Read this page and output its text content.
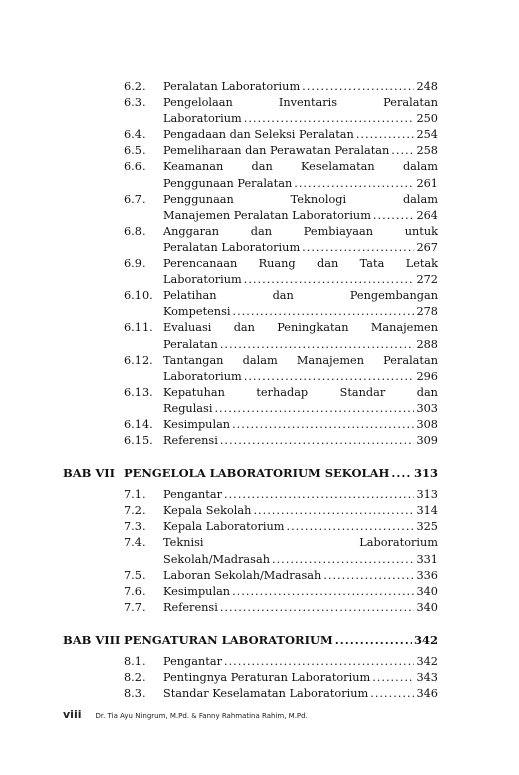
6.2. Peralatan Laboratorium .....	248
6.3. Pengelolaan	Inventaris	Peralatan
Laboratorium .....	250
6.4. Pengadaan dan Seleksi Peralatan .....	254
6.5. Pemeliharaan dan Perawatan Peralatan ..... 258
6.6. Keamanan	dan	Keselamatan	dalam
Penggunaan Peralatan .....	261
6.7. Penggunaan	Teknologi	dalam
Manajemen Peralatan Laboratorium .....	264
6.8. Anggaran	dan	Pembiayaan	untuk
Peralatan Laboratorium .....	267
6.9. Perencanaan Ruang dan Tata Letak
Laboratorium .....	272
6.10. Pelatihan	dan	Pengembangan
Kompetensi .....	278
6.11. Evaluasi dan Peningkatan Manajemen
Peralatan .....	288
6.12. Tantangan dalam Manajemen Peralatan
Laboratorium .....	296
6.13. Kepatuhan	terhadap	Standar	dan
Regulasi .....	303
6.14. Kesimpulan .....	308
6.15. Referensi .....	309
BAB VII PENGELOLA LABORATORIUM SEKOLAH ..... 313
7.1. Pengantar .....	313
7.2. Kepala Sekolah .....	314
7.3. Kepala Laboratorium .....	325
7.4. Teknisi	Laboratorium
Sekolah/Madrasah .....	331
7.5. Laboran Sekolah/Madrasah .....	336
7.6. Kesimpulan .....	340
7.7. Referensi .....	340
BAB VIII PENGATURAN LABORATORIUM .....	342
8.1. Pengantar .....	342
8.2. Pentingnya Peraturan Laboratorium .....	343
8.3. Standar Keselamatan Laboratorium .....	346
viii Dr. Tia Ayu Ningrum, M.Pd. & Fanny Rahmatina Rahim, M.Pd.
